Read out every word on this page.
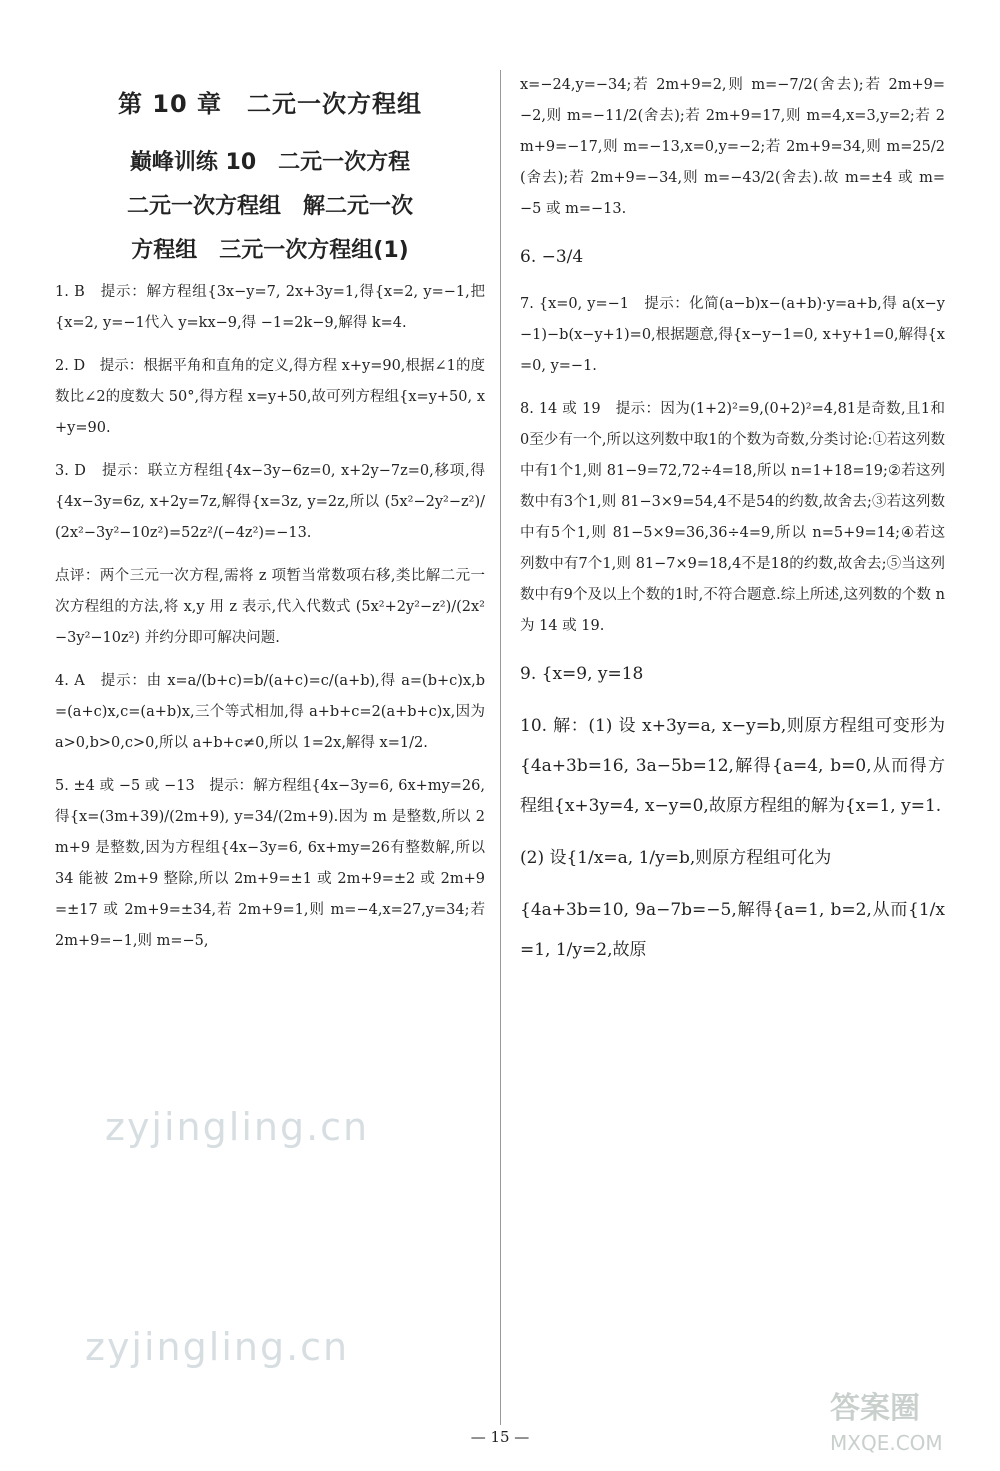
第 10 章　二元一次方程组
巅峰训练 10　二元一次方程
二元一次方程组　解二元一次
方程组　三元一次方程组(1)

1. B　提示：解方程组{3x−y=7, 2x+3y=1,得{x=2, y=−1,把{x=2, y=−1代入 y=kx−9,得 −1=2k−9,解得 k=4.

2. D　提示：根据平角和直角的定义,得方程 x+y=90,根据∠1的度数比∠2的度数大 50°,得方程 x=y+50,故可列方程组{x=y+50, x+y=90.

3. D　提示：联立方程组{4x−3y−6z=0, x+2y−7z=0,移项,得{4x−3y=6z, x+2y=7z,解得{x=3z, y=2z,所以 (5x²−2y²−z²)/(2x²−3y²−10z²)=52z²/(−4z²)=−13.

点评：两个三元一次方程,需将 z 项暂当常数项右移,类比解二元一次方程组的方法,将 x,y 用 z 表示,代入代数式 (5x²+2y²−z²)/(2x²−3y²−10z²) 并约分即可解决问题.

4. A　提示：由 x=a/(b+c)=b/(a+c)=c/(a+b),得 a=(b+c)x,b=(a+c)x,c=(a+b)x,三个等式相加,得 a+b+c=2(a+b+c)x,因为 a>0,b>0,c>0,所以 a+b+c≠0,所以 1=2x,解得 x=1/2.

5. ±4 或 −5 或 −13　提示：解方程组{4x−3y=6, 6x+my=26,得{x=(3m+39)/(2m+9), y=34/(2m+9).因为 m 是整数,所以 2m+9 是整数,因为方程组{4x−3y=6, 6x+my=26有整数解,所以 34 能被 2m+9 整除,所以 2m+9=±1 或 2m+9=±2 或 2m+9=±17 或 2m+9=±34,若 2m+9=1,则 m=−4,x=27,y=34;若 2m+9=−1,则 m=−5,

x=−24,y=−34;若 2m+9=2,则 m=−7/2(舍去);若 2m+9=−2,则 m=−11/2(舍去);若 2m+9=17,则 m=4,x=3,y=2;若 2m+9=−17,则 m=−13,x=0,y=−2;若 2m+9=34,则 m=25/2(舍去);若 2m+9=−34,则 m=−43/2(舍去).故 m=±4 或 m=−5 或 m=−13.

6. −3/4

7. {x=0, y=−1　提示：化简(a−b)x−(a+b)·y=a+b,得 a(x−y−1)−b(x−y+1)=0,根据题意,得{x−y−1=0, x+y+1=0,解得{x=0, y=−1.

8. 14 或 19　提示：因为(1+2)²=9,(0+2)²=4,81是奇数,且1和0至少有一个,所以这列数中取1的个数为奇数,分类讨论:①若这列数中有1个1,则 81−9=72,72÷4=18,所以 n=1+18=19;②若这列数中有3个1,则 81−3×9=54,4不是54的约数,故舍去;③若这列数中有5个1,则 81−5×9=36,36÷4=9,所以 n=5+9=14;④若这列数中有7个1,则 81−7×9=18,4不是18的约数,故舍去;⑤当这列数中有9个及以上个数的1时,不符合题意.综上所述,这列数的个数 n 为 14 或 19.

9. {x=9, y=18

10. 解：(1) 设 x+3y=a, x−y=b,则原方程组可变形为{4a+3b=16, 3a−5b=12,解得{a=4, b=0,从而得方程组{x+3y=4, x−y=0,故原方程组的解为{x=1, y=1.

(2) 设{1/x=a, 1/y=b,则原方程组可化为

{4a+3b=10, 9a−7b=−5,解得{a=1, b=2,从而{1/x=1, 1/y=2,故原

zyjingling.cn
zyjingling.cn
— 15 —
答案圈
MXQE.COM
